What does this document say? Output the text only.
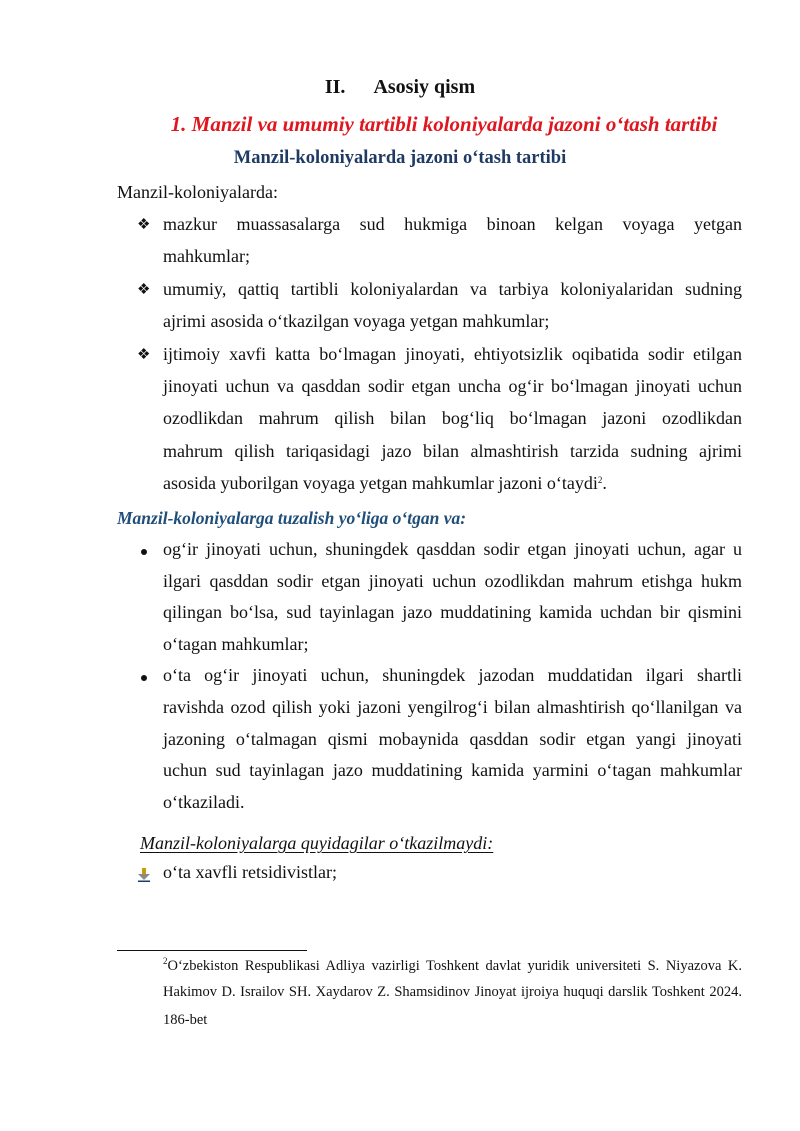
II. Asosiy qism
1. Manzil va umumiy tartibli koloniyalarda jazoni o‘tash tartibi
Manzil-koloniyalarda jazoni o‘tash tartibi
Manzil-koloniyalarda:
❖ mazkur muassasalarga sud hukmiga binoan kelgan voyaga yetgan
mahkumlar;
❖ umumiy, qattiq tartibli koloniyalardan va tarbiya koloniyalaridan sudning
ajrimi asosida o‘tkazilgan voyaga yetgan mahkumlar;
❖ ijtimoiy xavfi katta bo‘lmagan jinoyati, ehtiyotsizlik oqibatida sodir etilgan
jinoyati uchun va qasddan sodir etgan uncha og‘ir bo‘lmagan jinoyati uchun
ozodlikdan mahrum qilish bilan bog‘liq bo‘lmagan jazoni ozodlikdan
mahrum qilish tariqasidagi jazo bilan almashtirish tarzida sudning ajrimi
asosida yuborilgan voyaga yetgan mahkumlar jazoni o‘taydi$^2$.
Manzil-koloniyalarga tuzalish yo‘liga o‘tgan va:
og‘ir jinoyati uchun, shuningdek qasddan sodir etgan jinoyati uchun, agar u
ilgari qasddan sodir etgan jinoyati uchun ozodlikdan mahrum etishga hukm
qilingan bo‘lsa, sud tayinlagan jazo muddatining kamida uchdan bir qismini
o‘tagan mahkumlar;
o‘ta og‘ir jinoyati uchun, shuningdek jazodan muddatidan ilgari shartli
ravishda ozod qilish yoki jazoni yengilrog‘i bilan almashtirish qo‘llanilgan va
jazoning o‘talmagan qismi mobaynida qasddan sodir etgan yangi jinoyati
uchun sud tayinlagan jazo muddatining kamida yarmini o‘tagan mahkumlar
o‘tkaziladi.
Manzil-koloniyalarga quyidagilar o‘tkazilmaydi:
o‘ta xavfli retsidivistlar;
$^2$O‘zbekiston Respublikasi Adliya vazirligi Toshkent davlat yuridik universiteti S. Niyazova K.
Hakimov D. Israilov SH. Xaydarov Z. Shamsidinov Jinoyat ijroiya huquqi darslik Toshkent 2024.
186-bet
